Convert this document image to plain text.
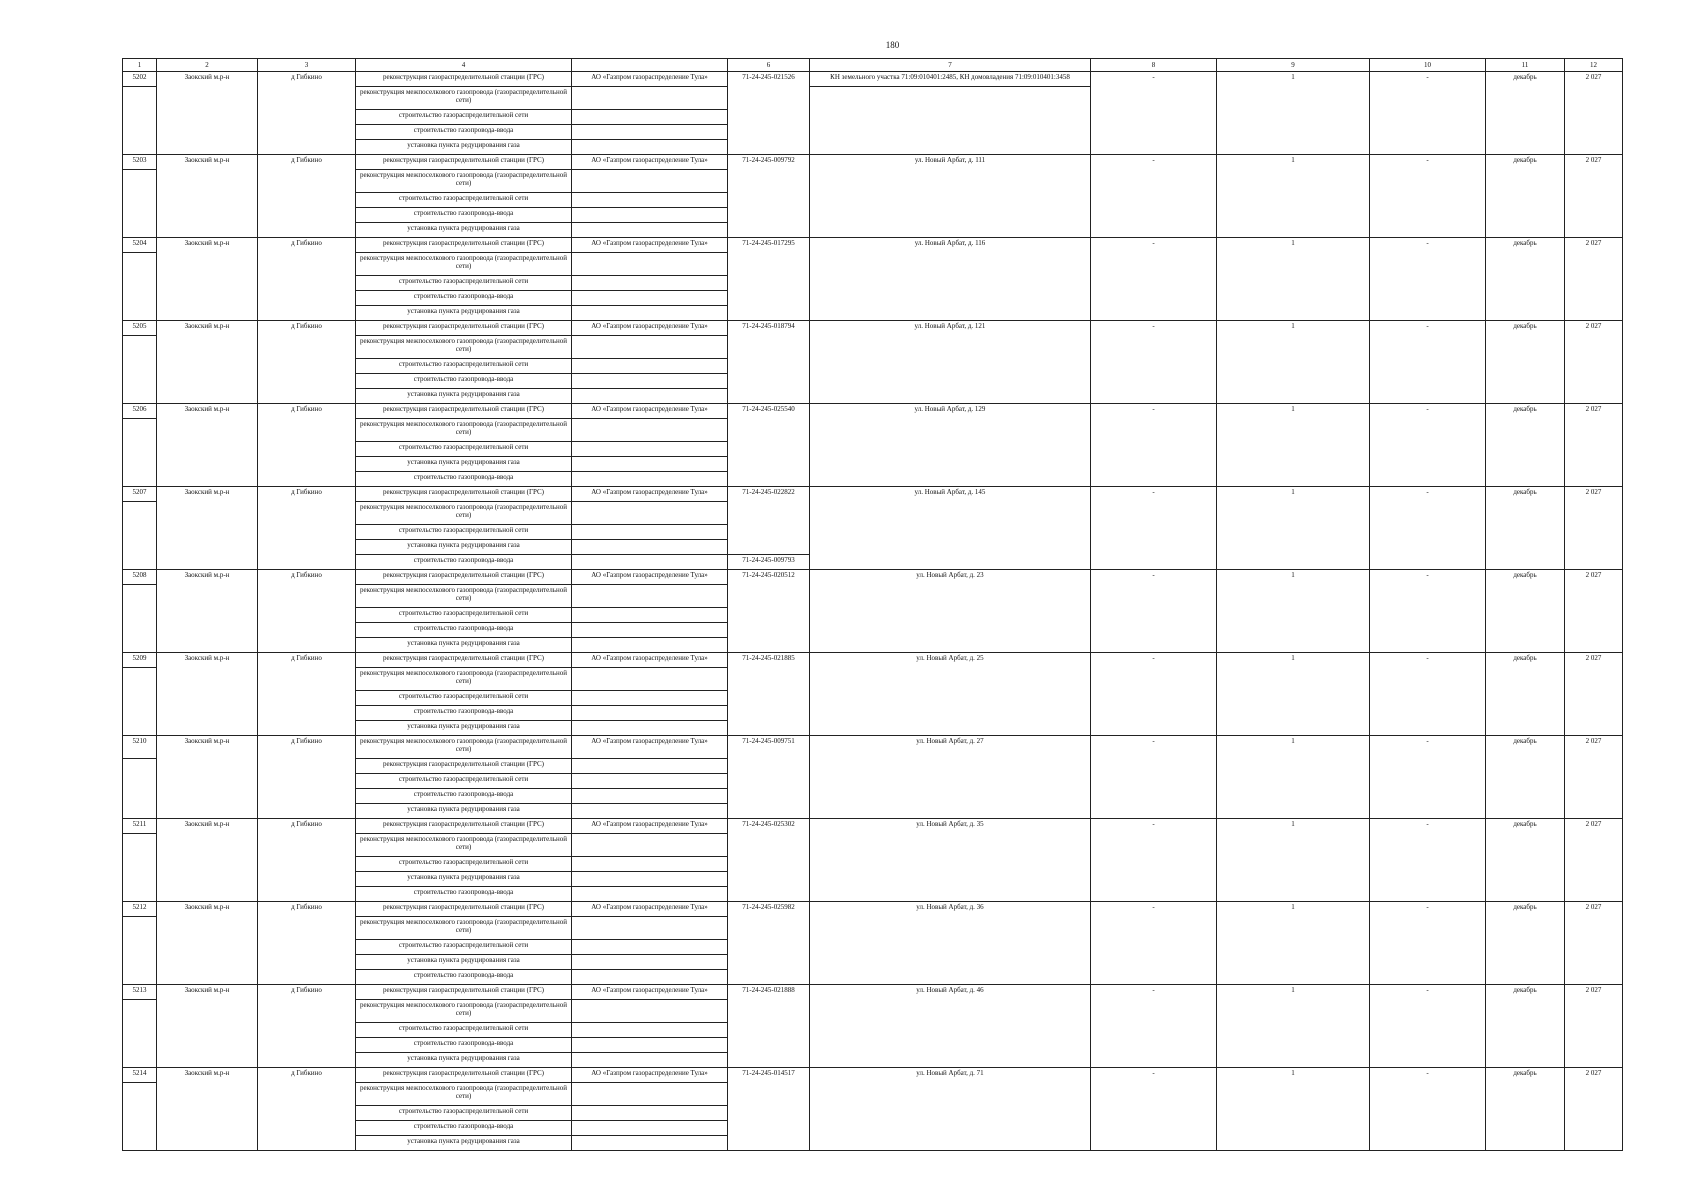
180
1	2	3	4		6	7	8	9	10	11	12
5202	Заокский м.р-н	д Гибкино	реконструкция газораспределительной станции (ГРС)	АО «Газпром газораспределение Тула»	71-24-245-021526	КН земельного участка 71:09:010401:2485, КН домовладения 71:09:010401:3458	-	1	-	декабрь	2 027
			реконструкция межпоселкового газопровода (газораспределительной сети)								
			строительство газораспределительной сети								
			строительство газопровода-ввода								
			установка пункта редуцирования газа								
5203	Заокский м.р-н	д Гибкино	реконструкция газораспределительной станции (ГРС)	АО «Газпром газораспределение Тула»	71-24-245-009792	ул. Новый Арбат, д. 111	-	1	-	декабрь	2 027
			реконструкция межпоселкового газопровода (газораспределительной сети)								
			строительство газораспределительной сети								
			строительство газопровода-ввода								
			установка пункта редуцирования газа								
5204	Заокский м.р-н	д Гибкино	реконструкция газораспределительной станции (ГРС)	АО «Газпром газораспределение Тула»	71-24-245-017295	ул. Новый Арбат, д. 116	-	1	-	декабрь	2 027
			реконструкция межпоселкового газопровода (газораспределительной сети)								
			строительство газораспределительной сети								
			строительство газопровода-ввода								
			установка пункта редуцирования газа								
5205	Заокский м.р-н	д Гибкино	реконструкция газораспределительной станции (ГРС)	АО «Газпром газораспределение Тула»	71-24-245-018794	ул. Новый Арбат, д. 121	-	1	-	декабрь	2 027
			реконструкция межпоселкового газопровода (газораспределительной сети)								
			строительство газораспределительной сети								
			строительство газопровода-ввода								
			установка пункта редуцирования газа								
5206	Заокский м.р-н	д Гибкино	реконструкция газораспределительной станции (ГРС)	АО «Газпром газораспределение Тула»	71-24-245-025540	ул. Новый Арбат, д. 129	-	1	-	декабрь	2 027
			реконструкция межпоселкового газопровода (газораспределительной сети)								
			строительство газораспределительной сети								
			установка пункта редуцирования газа								
			строительство газопровода-ввода								
5207	Заокский м.р-н	д Гибкино	реконструкция газораспределительной станции (ГРС)	АО «Газпром газораспределение Тула»	71-24-245-022822	ул. Новый Арбат, д. 145	-	1	-	декабрь	2 027
			реконструкция межпоселкового газопровода (газораспределительной сети)								
			строительство газораспределительной сети								
			установка пункта редуцирования газа								
			строительство газопровода-ввода		71-24-245-009793						
5208	Заокский м.р-н	д Гибкино	реконструкция газораспределительной станции (ГРС)	АО «Газпром газораспределение Тула»	71-24-245-020512	ул. Новый Арбат, д. 23	-	1	-	декабрь	2 027
			реконструкция межпоселкового газопровода (газораспределительной сети)								
			строительство газораспределительной сети								
			строительство газопровода-ввода								
			установка пункта редуцирования газа								
5209	Заокский м.р-н	д Гибкино	реконструкция газораспределительной станции (ГРС)	АО «Газпром газораспределение Тула»	71-24-245-021885	ул. Новый Арбат, д. 25	-	1	-	декабрь	2 027
			реконструкция межпоселкового газопровода (газораспределительной сети)								
			строительство газораспределительной сети								
			строительство газопровода-ввода								
			установка пункта редуцирования газа								
5210	Заокский м.р-н	д Гибкино	реконструкция межпоселкового газопровода (газораспределительной сети)	АО «Газпром газораспределение Тула»	71-24-245-009751	ул. Новый Арбат, д. 27	-	1	-	декабрь	2 027
			реконструкция газораспределительной станции (ГРС)								
			строительство газораспределительной сети								
			строительство газопровода-ввода								
			установка пункта редуцирования газа								
5211	Заокский м.р-н	д Гибкино	реконструкция газораспределительной станции (ГРС)	АО «Газпром газораспределение Тула»	71-24-245-025302	ул. Новый Арбат, д. 35	-	1	-	декабрь	2 027
			реконструкция межпоселкового газопровода (газораспределительной сети)								
			строительство газораспределительной сети								
			установка пункта редуцирования газа								
			строительство газопровода-ввода								
5212	Заокский м.р-н	д Гибкино	реконструкция газораспределительной станции (ГРС)	АО «Газпром газораспределение Тула»	71-24-245-025982	ул. Новый Арбат, д. 36	-	1	-	декабрь	2 027
			реконструкция межпоселкового газопровода (газораспределительной сети)								
			строительство газораспределительной сети								
			установка пункта редуцирования газа								
			строительство газопровода-ввода								
5213	Заокский м.р-н	д Гибкино	реконструкция газораспределительной станции (ГРС)	АО «Газпром газораспределение Тула»	71-24-245-021888	ул. Новый Арбат, д. 46	-	1	-	декабрь	2 027
			реконструкция межпоселкового газопровода (газораспределительной сети)								
			строительство газораспределительной сети								
			строительство газопровода-ввода								
			установка пункта редуцирования газа								
5214	Заокский м.р-н	д Гибкино	реконструкция газораспределительной станции (ГРС)	АО «Газпром газораспределение Тула»	71-24-245-014517	ул. Новый Арбат, д. 71	-	1	-	декабрь	2 027
			реконструкция межпоселкового газопровода (газораспределительной сети)								
			строительство газораспределительной сети								
			строительство газопровода-ввода								
			установка пункта редуцирования газа								
